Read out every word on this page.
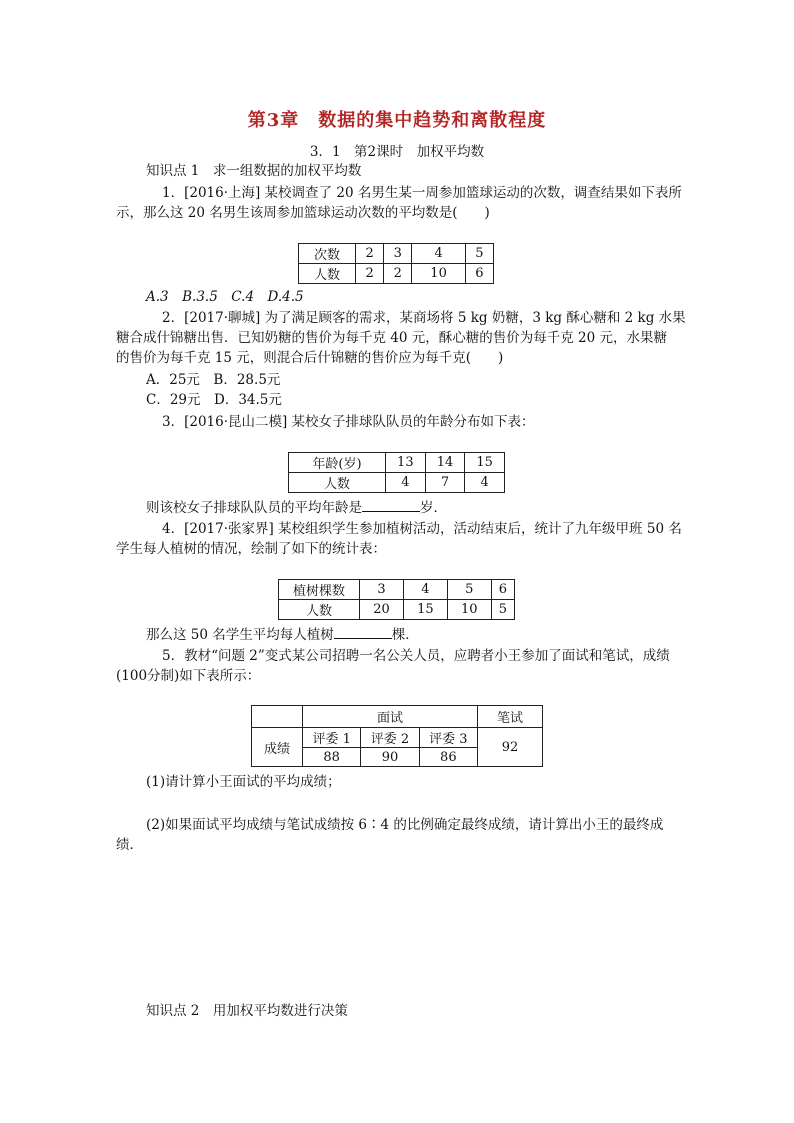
第3章　数据的集中趋势和离散程度
3．1　第2课时　加权平均数
知识点 1　求一组数据的加权平均数
1．[2016·上海] 某校调查了 20 名男生某一周参加篮球运动的次数，调查结果如下表所
示，那么这 20 名男生该周参加篮球运动次数的平均数是(　　)
次数	2	3	4	5
人数	2	2	10	6
A.3　B.3.5　C.4　D.4.5
2．[2017·聊城] 为了满足顾客的需求，某商场将 5 kg 奶糖，3 kg 酥心糖和 2 kg 水果
糖合成什锦糖出售．已知奶糖的售价为每千克 40 元，酥心糖的售价为每千克 20 元，水果糖
的售价为每千克 15 元，则混合后什锦糖的售价应为每千克(　　)
A．25元　B．28.5元
C．29元　D．34.5元
3．[2016·昆山二模] 某校女子排球队队员的年龄分布如下表：
年龄(岁)	13	14	15
人数	4	7	4
则该校女子排球队队员的平均年龄是	岁．
4．[2017·张家界] 某校组织学生参加植树活动，活动结束后，统计了九年级甲班 50 名
学生每人植树的情况，绘制了如下的统计表：
植树棵数	3	4	5	6
人数	20	15	10	5
那么这 50 名学生平均每人植树	棵．
5．教材“问题 2”变式某公司招聘一名公关人员，应聘者小王参加了面试和笔试，成绩
(100分制)如下表所示：
	面试			笔试
成绩	评委 1	评委 2	评委 3	92
	88	90	86	
(1)请计算小王面试的平均成绩；
(2)如果面试平均成绩与笔试成绩按 6∶4 的比例确定最终成绩，请计算出小王的最终成
绩．
知识点 2　用加权平均数进行决策
